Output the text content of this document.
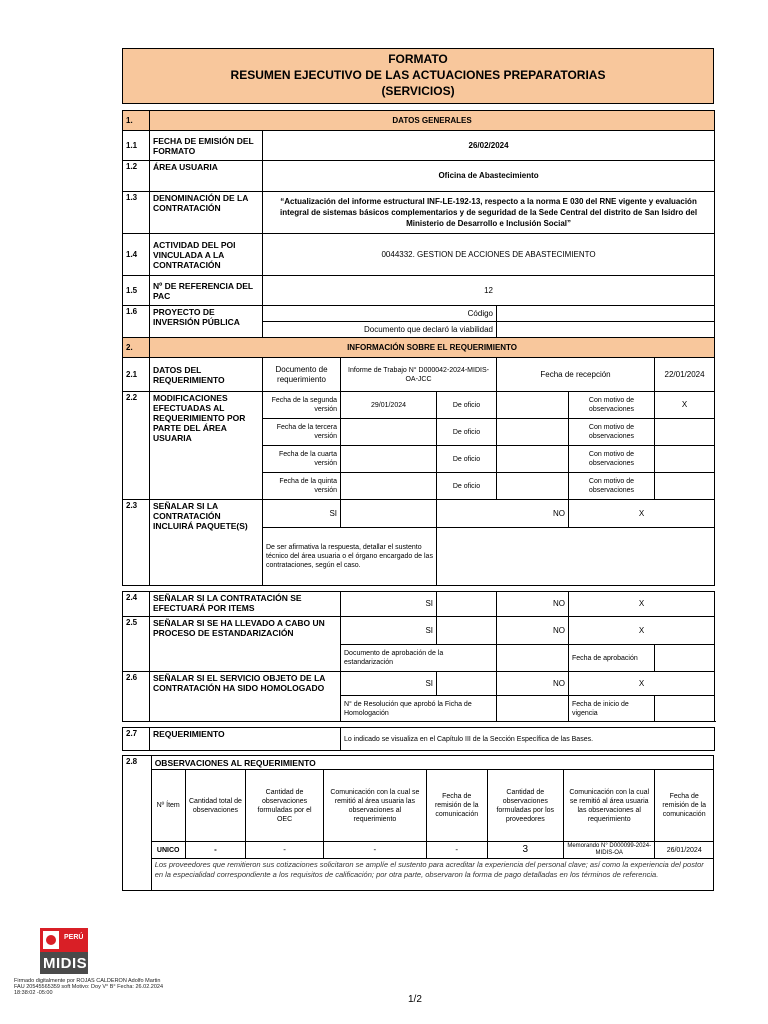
FORMATO
RESUMEN EJECUTIVO DE LAS ACTUACIONES PREPARATORIAS
(SERVICIOS)
1.	DATOS GENERALES						
1.1	FECHA DE EMISIÓN DEL FORMATO	26/02/2024					
1.2	ÁREA USUARIA	Oficina de Abastecimiento					
1.3	DENOMINACIÓN DE LA CONTRATACIÓN	“Actualización del informe estructural INF-LE-192-13, respecto a la norma E 030 del RNE vigente y evaluación integral de sistemas básicos complementarios y de seguridad de la Sede Central del distrito de San Isidro del Ministerio de Desarrollo e Inclusión Social”					
1.4	ACTIVIDAD DEL POI VINCULADA A LA CONTRATACIÓN	0044332. GESTION DE ACCIONES DE ABASTECIMIENTO					
1.5	Nº DE REFERENCIA DEL PAC	12					
1.6	PROYECTO DE INVERSIÓN PÚBLICA	Código					
		Documento que declaró la viabilidad					
2.	INFORMACIÓN SOBRE EL REQUERIMIENTO						
2.1	DATOS DEL REQUERIMIENTO	Documento de requerimiento	Informe de Trabajo N° D000042-2024-MIDIS-OA-JCC		Fecha de recepción		22/01/2024
2.2	MODIFICACIONES EFECTUADAS AL REQUERIMIENTO POR PARTE DEL ÁREA USUARIA	Fecha de la segunda versión	29/01/2024	De oficio		Con motivo de observaciones	X
		Fecha de la tercera versión		De oficio		Con motivo de observaciones	
		Fecha de la cuarta versión		De oficio		Con motivo de observaciones	
		Fecha de la quinta versión		De oficio		Con motivo de observaciones	
2.3	SEÑALAR SI LA CONTRATACIÓN INCLUIRÁ PAQUETE(S)	SI		NO		X	
		De ser afirmativa la respuesta, detallar el sustento técnico del área usuaria o el órgano encargado de las contrataciones, según el caso.					

2.4	SEÑALAR SI LA CONTRATACIÓN SE EFECTUARÁ POR ITEMS		SI		NO	X	
2.5	SEÑALAR SI SE HA LLEVADO A CABO UN PROCESO DE ESTANDARIZACIÓN		SI		NO	X	
			Documento de aprobación de la estandarización			Fecha de aprobación	
2.6	SEÑALAR SI EL SERVICIO OBJETO DE LA CONTRATACIÓN HA SIDO HOMOLOGADO		SI		NO	X	
			N° de Resolución que aprobó la Ficha de Homologación			Fecha de inicio de vigencia	

2.7	REQUERIMIENTO		Lo indicado se visualiza en el Capítulo III de la Sección Específica de las Bases.				
2.8	OBSERVACIONES AL REQUERIMIENTO							
	Nº Ítem	Cantidad total de observaciones	Cantidad de observaciones formuladas por el OEC	Comunicación con la cual se remitió al área usuaria las observaciones al requerimiento	Fecha de remisión de la comunicación	Cantidad de observaciones formuladas por los proveedores	Comunicación con la cual se remitió al área usuaria las observaciones al requerimiento	Fecha de remisión de la comunicación
	UNICO	-	-	-	-	3	Memorando N° D000099-2024-MIDIS-OA	26/01/2024
	Los proveedores que remitieron sus cotizaciones solicitaron se amplíe el sustento para acreditar la experiencia del personal clave; así como la experiencia del postor en la especialidad correspondiente a los requisitos de calificación; por otra parte, observaron la forma de pago detalladas en los términos de referencia.							
PERÚ
MIDIS
Firmado digitalmente por ROJAS CALDERON Adolfo Martin FAU 20545565359 soft Motivo: Doy V° B° Fecha: 26.02.2024 18:38:02 -05:00
1/2
